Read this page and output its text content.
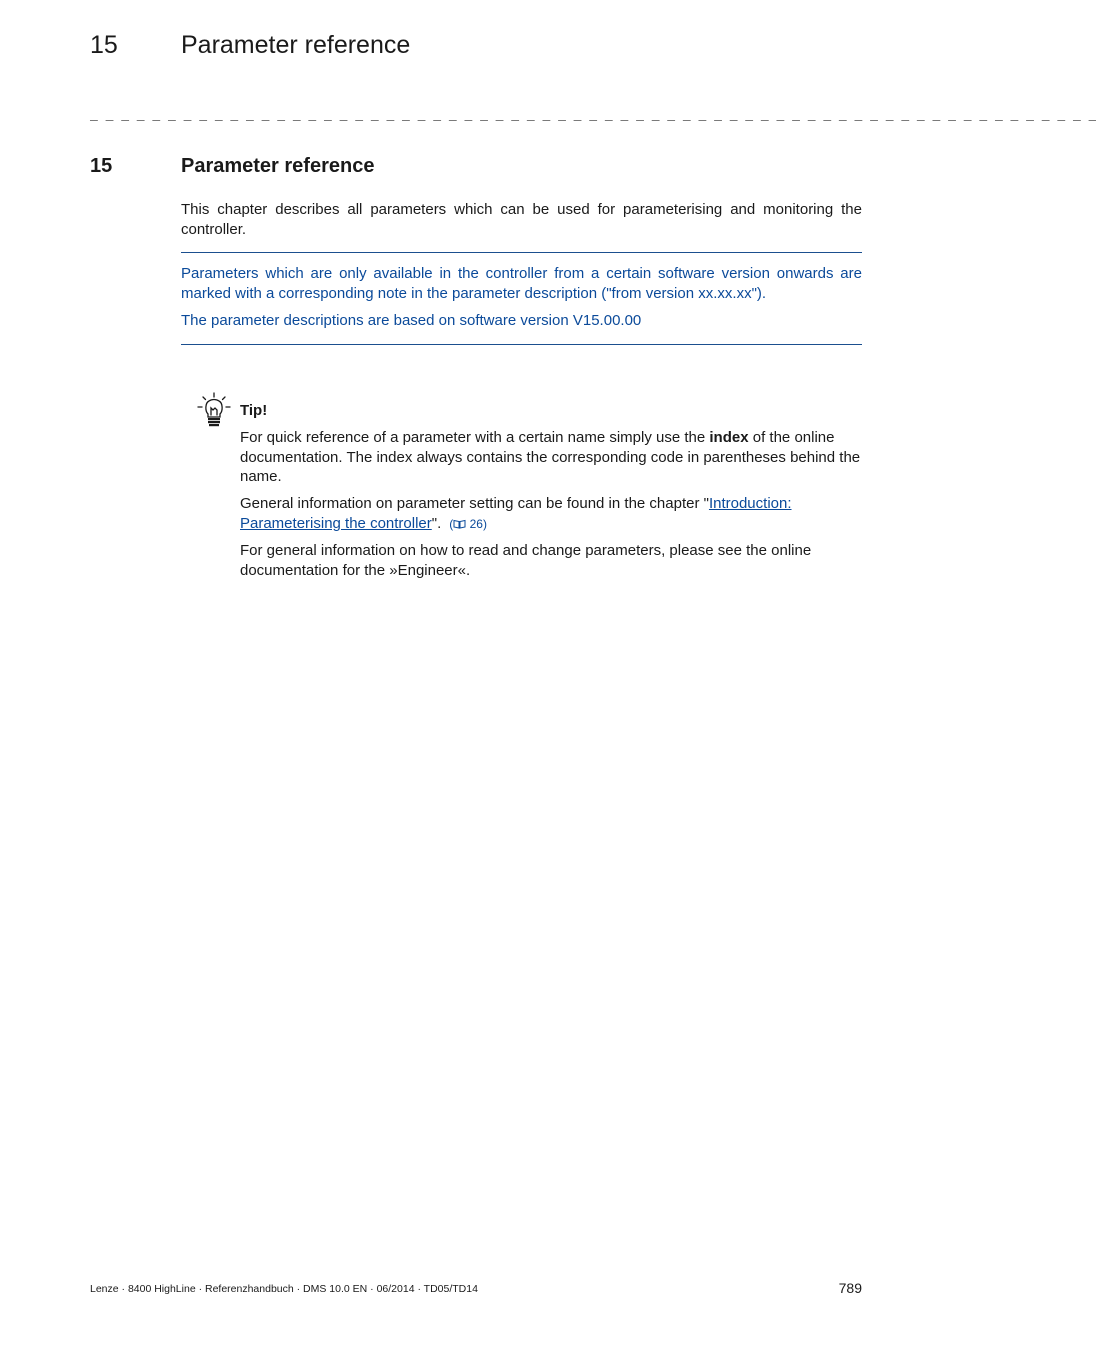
15	Parameter reference
_ _ _ _ _ _ _ _ _ _ _ _ _ _ _ _ _ _ _ _ _ _ _ _ _ _ _ _ _ _ _ _ _ _ _ _ _ _ _ _ _ _ _ _ _ _ _ _ _ _ _ _ _ _ _ _ _ _ _ _ _ _ _ _ _
15	Parameter reference
This chapter describes all parameters which can be used for parameterising and monitoring the controller.
Parameters which are only available in the controller from a certain software version onwards are marked with a corresponding note in the parameter description ("from version xx.xx.xx").
The parameter descriptions are based on software version V15.00.00
Tip!
For quick reference of a parameter with a certain name simply use the index of the online documentation. The index always contains the corresponding code in parentheses behind the name.
General information on parameter setting can be found in the chapter "Introduction: Parameterising the controller". ( 26)
For general information on how to read and change parameters, please see the online documentation for the »Engineer«.
Lenze · 8400 HighLine · Referenzhandbuch · DMS 10.0 EN · 06/2014 · TD05/TD14	789
